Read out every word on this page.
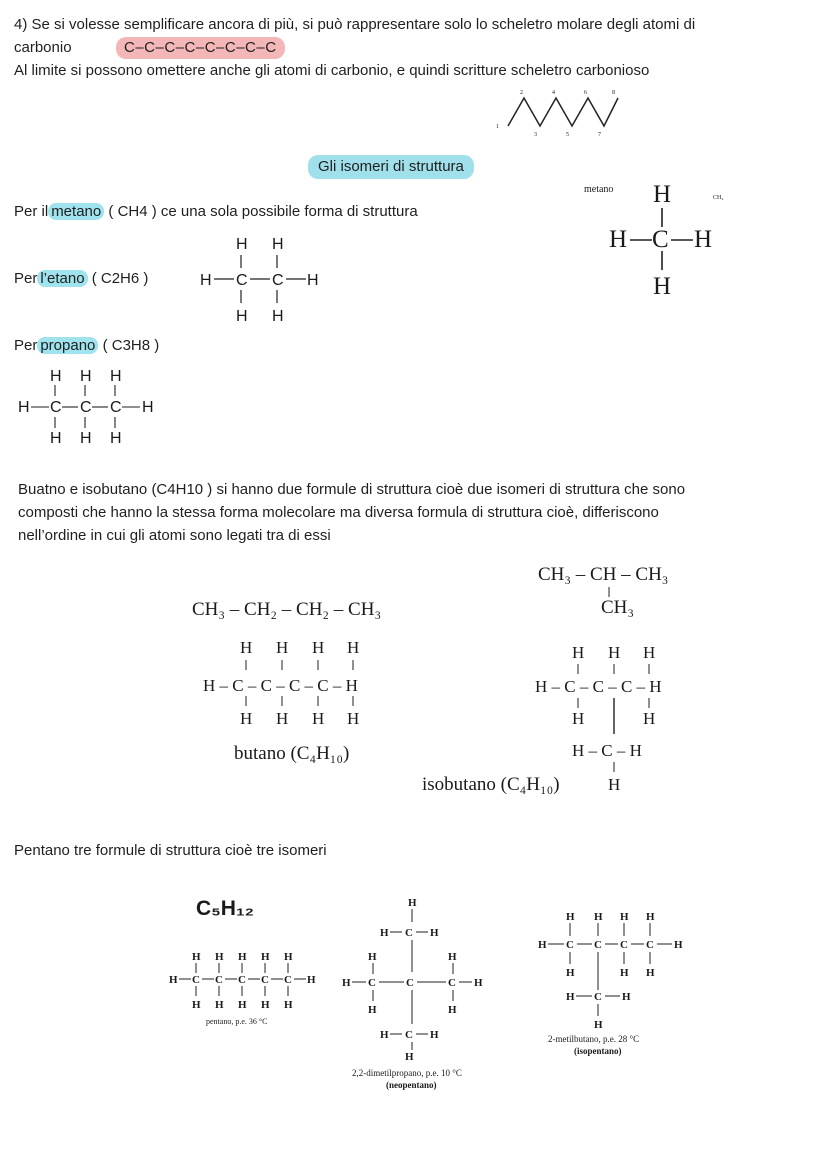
4) Se si volesse semplificare ancora di più, si può rappresentare solo lo scheletro molare degli atomi di
carbonio	C–C–C–C–C–C–C–C
Al limite si possono omettere anche gli atomi di carbonio, e quindi scritture scheletro carbonioso
1
2
3
4
5
6
7
8
Gli isomeri di struttura
Per il metano ( CH4 ) ce una sola possibile forma di struttura
metano
CH₄
H
H C H
H
Per l’etano ( C2H6 )
H H
H C C H
H H
Per propano ( C3H8 )
H H H
H C C C H
H H H
Buatno e isobutano (C4H10 ) si hanno due formule di struttura cioè due isomeri di struttura che sono
composti che hanno la stessa forma molecolare ma diversa formula di struttura cioè, differiscono
nell’ordine in cui gli atomi sono legati tra di essi
CH₃ – CH₂ – CH₂ – CH₃
H H H H
H – C – C – C – C – H
H H H H
butano (C₄H₁₀)
CH₃ – CH – CH₃
CH₃
H H H
H – C – C – C – H
H	H
H – C – H
H
isobutano (C₄H₁₀)
Pentano tre formule di struttura cioè tre isomeri
C₅H₁₂
H H H H H
H C C C C C H
H H H H H
pentano, p.e. 36 °C
H
H C H
H	H
H C	C	C H
H	H
H C H
H
2,2-dimetilpropano, p.e. 10 °C
(neopentano)
H H H H
H C C C C H
H	H H
H C H
H
2-metilbutano, p.e. 28 °C
(isopentano)
